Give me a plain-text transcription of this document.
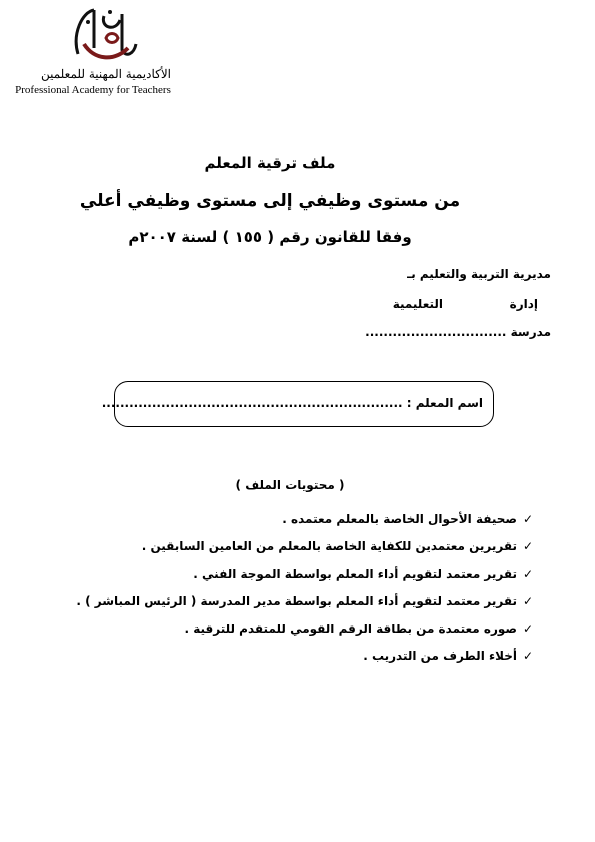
الأكاديمية المهنية للمعلمين
Professional Academy for Teachers
ملف ترقية المعلم
من مستوى وظيفي إلى مستوى وظيفي أعلي
وفقا للقانون رقم ( ١٥٥ ) لسنة ٢٠٠٧م
مديرية التربية والتعليم بـ
إدارة
التعليمية
مدرسة ...............................
اسم المعلم : ..................................................................
( محتويات الملف )
✓
صحيفة الأحوال الخاصة بالمعلم معتمده .
✓
تقريرين معتمدين للكفاية الخاصة بالمعلم من العامين السابقين .
✓
تقرير معتمد لتقويم أداء المعلم بواسطة الموجة الفني .
✓
تقرير معتمد لتقويم أداء المعلم بواسطة مدير المدرسة ( الرئيس المباشر ) .
✓
صوره معتمدة من بطاقة الرقم القومي للمتقدم للترقية .
✓
أخلاء الطرف من التدريب .
